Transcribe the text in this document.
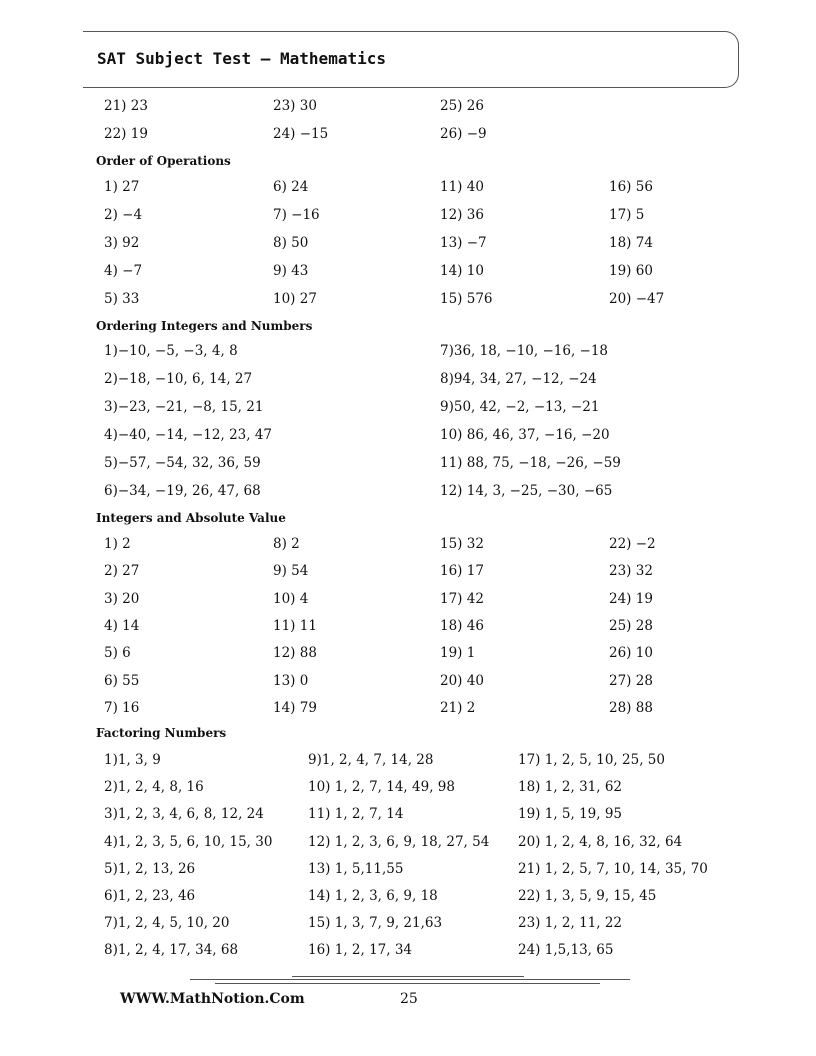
SAT Subject Test – Mathematics
21) 23	23) 30	25) 26
22) 19	24) −15	26) −9
Order of Operations
1) 27	6) 24	11) 40	16) 56
2) −4	7) −16	12) 36	17) 5
3) 92	8) 50	13) −7	18) 74
4) −7	9) 43	14) 10	19) 60
5) 33	10) 27	15) 576	20) −47
Ordering Integers and Numbers
1)−10, −5, −3, 4, 8	7)36, 18, −10, −16, −18
2)−18, −10, 6, 14, 27	8)94, 34, 27, −12, −24
3)−23, −21, −8, 15, 21	9)50, 42, −2, −13, −21
4)−40, −14, −12, 23, 47	10) 86, 46, 37, −16, −20
5)−57, −54, 32, 36, 59	11) 88, 75, −18, −26, −59
6)−34, −19, 26, 47, 68	12) 14, 3, −25, −30, −65
Integers and Absolute Value
1) 2	8) 2	15) 32	22) −2
2) 27	9) 54	16) 17	23) 32
3) 20	10) 4	17) 42	24) 19
4) 14	11) 11	18) 46	25) 28
5) 6	12) 88	19) 1	26) 10
6) 55	13) 0	20) 40	27) 28
7) 16	14) 79	21) 2	28) 88
Factoring Numbers
1)1, 3, 9	9)1, 2, 4, 7, 14, 28	17) 1, 2, 5, 10, 25, 50
2)1, 2, 4, 8, 16	10) 1, 2, 7, 14, 49, 98	18) 1, 2, 31, 62
3)1, 2, 3, 4, 6, 8, 12, 24	11) 1, 2, 7, 14	19) 1, 5, 19, 95
4)1, 2, 3, 5, 6, 10, 15, 30	12) 1, 2, 3, 6, 9, 18, 27, 54 20) 1, 2, 4, 8, 16, 32, 64
5)1, 2, 13, 26	13) 1, 5,11,55	21) 1, 2, 5, 7, 10, 14, 35, 70
6)1, 2, 23, 46	14) 1, 2, 3, 6, 9, 18	22) 1, 3, 5, 9, 15, 45
7)1, 2, 4, 5, 10, 20	15) 1, 3, 7, 9, 21,63	23) 1, 2, 11, 22
8)1, 2, 4, 17, 34, 68	16) 1, 2, 17, 34	24) 1,5,13, 65
WWW.MathNotion.Com	25
